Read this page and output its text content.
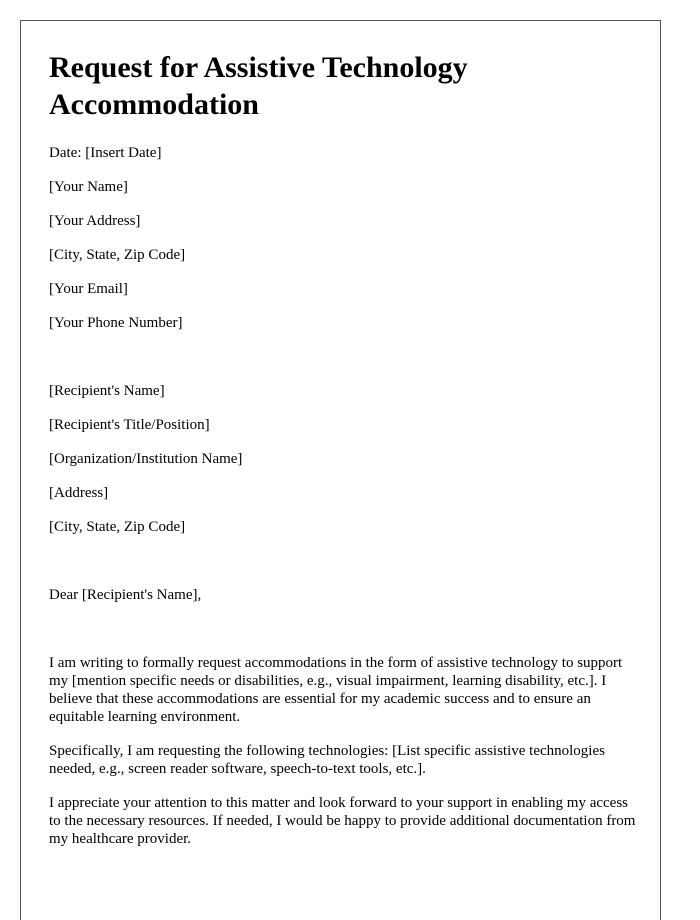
Request for Assistive Technology Accommodation

Date: [Insert Date]

[Your Name]

[Your Address]

[City, State, Zip Code]

[Your Email]

[Your Phone Number]

[Recipient's Name]

[Recipient's Title/Position]

[Organization/Institution Name]

[Address]

[City, State, Zip Code]

Dear [Recipient's Name],

I am writing to formally request accommodations in the form of assistive technology to support my [mention specific needs or disabilities, e.g., visual impairment, learning disability, etc.]. I believe that these accommodations are essential for my academic success and to ensure an equitable learning environment.

Specifically, I am requesting the following technologies: [List specific assistive technologies needed, e.g., screen reader software, speech-to-text tools, etc.].

I appreciate your attention to this matter and look forward to your support in enabling my access to the necessary resources. If needed, I would be happy to provide additional documentation from my healthcare provider.
